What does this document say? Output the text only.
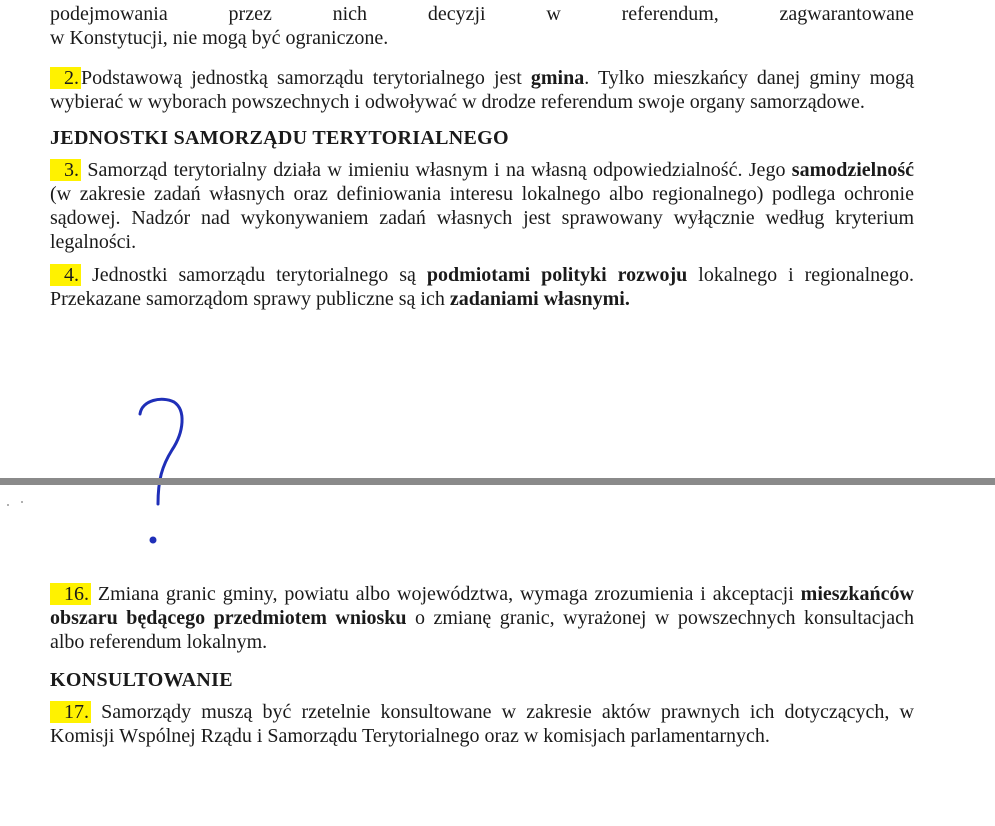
podejmowania	przez	nich	decyzji	w	referendum,	zagwarantowane
w Konstytucji, nie mogą być ograniczone.

2. Podstawową jednostką samorządu terytorialnego jest gmina. Tylko mieszkańcy danej gminy mogą wybierać w wyborach powszechnych i odwoływać w drodze referendum swoje organy samorządowe.

JEDNOSTKI SAMORZĄDU TERYTORIALNEGO

3. Samorząd terytorialny działa w imieniu własnym i na własną odpowiedzialność. Jego samodzielność (w zakresie zadań własnych oraz definiowania interesu lokalnego albo regionalnego) podlega ochronie sądowej. Nadzór nad wykonywaniem zadań własnych jest sprawowany wyłącznie według kryterium legalności.

4. Jednostki samorządu terytorialnego są podmiotami polityki rozwoju lokalnego i regionalnego. Przekazane samorządom sprawy publiczne są ich zadaniami własnymi.

16. Zmiana granic gminy, powiatu albo województwa, wymaga zrozumienia i akceptacji mieszkańców obszaru będącego przedmiotem wniosku o zmianę granic, wyrażonej w powszechnych konsultacjach albo referendum lokalnym.

KONSULTOWANIE

17. Samorządy muszą być rzetelnie konsultowane w zakresie aktów prawnych ich dotyczących, w Komisji Wspólnej Rządu i Samorządu Terytorialnego oraz w komisjach parlamentarnych.
